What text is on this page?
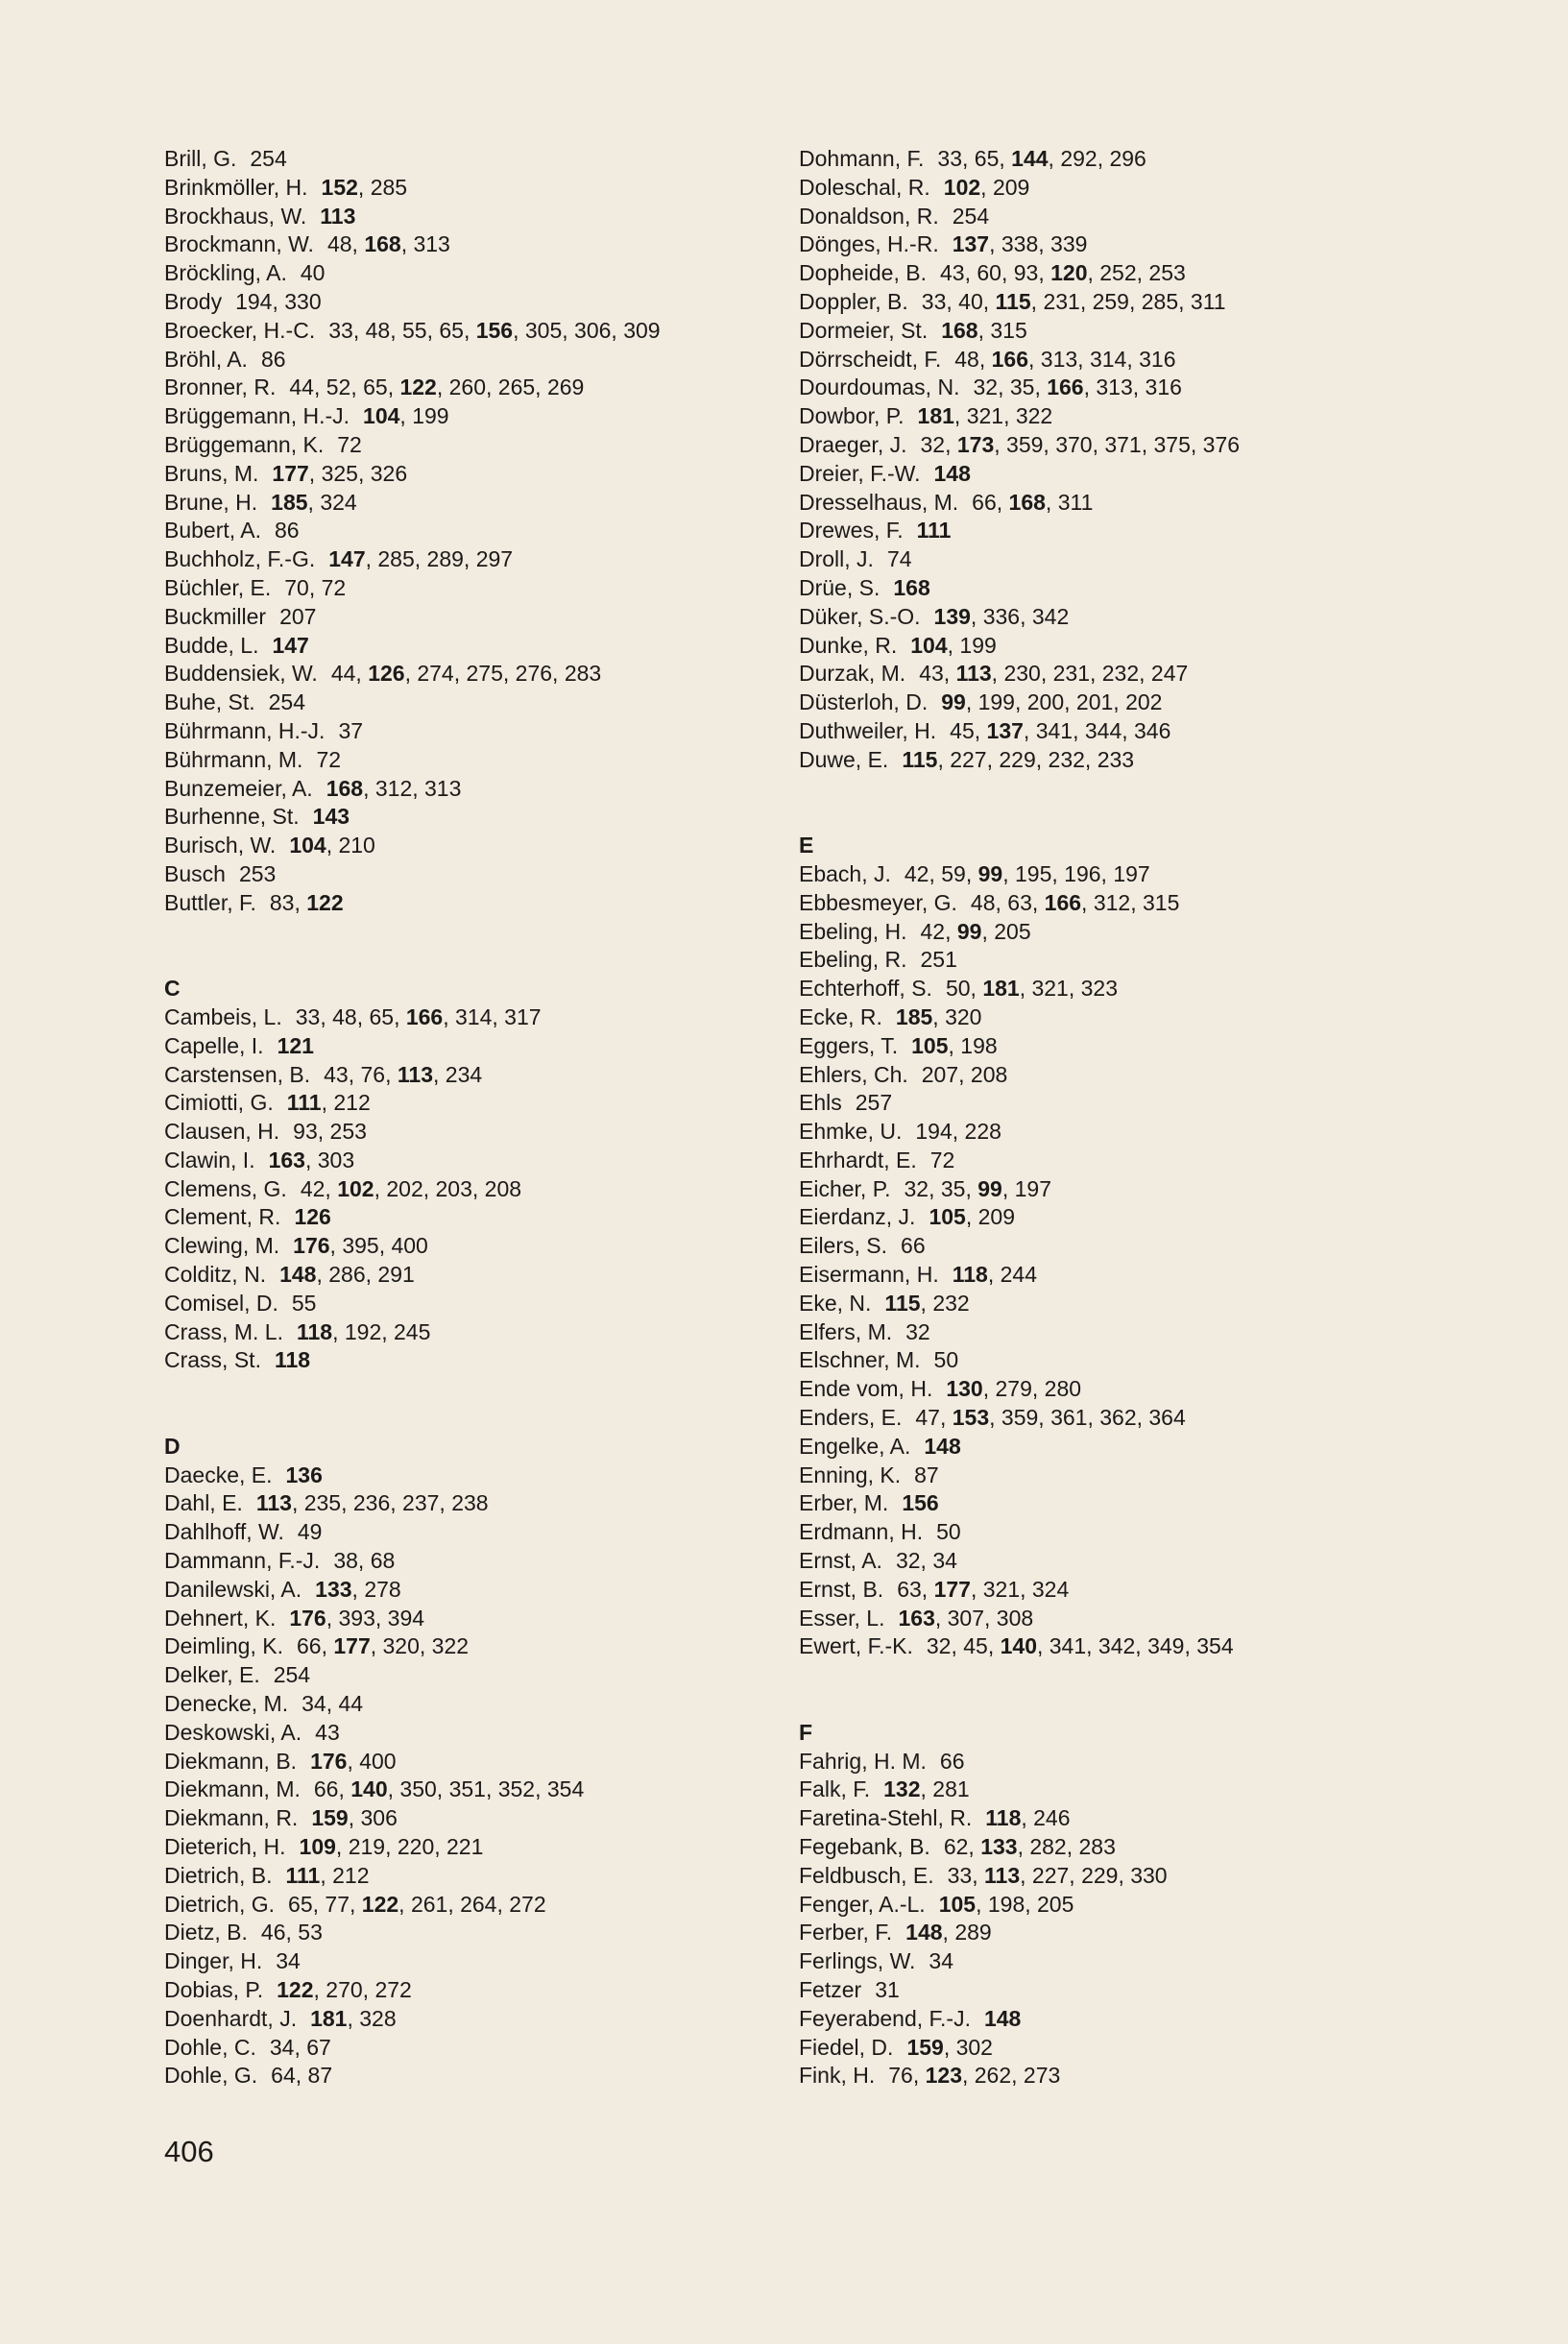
Brill, G. 254
Brinkmöller, H. 152, 285
Brockhaus, W. 113
Brockmann, W. 48, 168, 313
Bröckling, A. 40
Brody 194, 330
Broecker, H.-C. 33, 48, 55, 65, 156, 305, 306, 309
Bröhl, A. 86
Bronner, R. 44, 52, 65, 122, 260, 265, 269
Brüggemann, H.-J. 104, 199
Brüggemann, K. 72
Bruns, M. 177, 325, 326
Brune, H. 185, 324
Bubert, A. 86
Buchholz, F.-G. 147, 285, 289, 297
Büchler, E. 70, 72
Buckmiller 207
Budde, L. 147
Buddensiek, W. 44, 126, 274, 275, 276, 283
Buhe, St. 254
Bührmann, H.-J. 37
Bührmann, M. 72
Bunzemeier, A. 168, 312, 313
Burhenne, St. 143
Burisch, W. 104, 210
Busch 253
Buttler, F. 83, 122
C
Cambeis, L. 33, 48, 65, 166, 314, 317
Capelle, I. 121
Carstensen, B. 43, 76, 113, 234
Cimiotti, G. 111, 212
Clausen, H. 93, 253
Clawin, I. 163, 303
Clemens, G. 42, 102, 202, 203, 208
Clement, R. 126
Clewing, M. 176, 395, 400
Colditz, N. 148, 286, 291
Comisel, D. 55
Crass, M. L. 118, 192, 245
Crass, St. 118
D
Daecke, E. 136
Dahl, E. 113, 235, 236, 237, 238
Dahlhoff, W. 49
Dammann, F.-J. 38, 68
Danilewski, A. 133, 278
Dehnert, K. 176, 393, 394
Deimling, K. 66, 177, 320, 322
Delker, E. 254
Denecke, M. 34, 44
Deskowski, A. 43
Diekmann, B. 176, 400
Diekmann, M. 66, 140, 350, 351, 352, 354
Diekmann, R. 159, 306
Dieterich, H. 109, 219, 220, 221
Dietrich, B. 111, 212
Dietrich, G. 65, 77, 122, 261, 264, 272
Dietz, B. 46, 53
Dinger, H. 34
Dobias, P. 122, 270, 272
Doenhardt, J. 181, 328
Dohle, C. 34, 67
Dohle, G. 64, 87
Dohmann, F. 33, 65, 144, 292, 296
Doleschal, R. 102, 209
Donaldson, R. 254
Dönges, H.-R. 137, 338, 339
Dopheide, B. 43, 60, 93, 120, 252, 253
Doppler, B. 33, 40, 115, 231, 259, 285, 311
Dormeier, St. 168, 315
Dörrscheidt, F. 48, 166, 313, 314, 316
Dourdoumas, N. 32, 35, 166, 313, 316
Dowbor, P. 181, 321, 322
Draeger, J. 32, 173, 359, 370, 371, 375, 376
Dreier, F.-W. 148
Dresselhaus, M. 66, 168, 311
Drewes, F. 111
Droll, J. 74
Drüe, S. 168
Düker, S.-O. 139, 336, 342
Dunke, R. 104, 199
Durzak, M. 43, 113, 230, 231, 232, 247
Düsterloh, D. 99, 199, 200, 201, 202
Duthweiler, H. 45, 137, 341, 344, 346
Duwe, E. 115, 227, 229, 232, 233
E
Ebach, J. 42, 59, 99, 195, 196, 197
Ebbesmeyer, G. 48, 63, 166, 312, 315
Ebeling, H. 42, 99, 205
Ebeling, R. 251
Echterhoff, S. 50, 181, 321, 323
Ecke, R. 185, 320
Eggers, T. 105, 198
Ehlers, Ch. 207, 208
Ehls 257
Ehmke, U. 194, 228
Ehrhardt, E. 72
Eicher, P. 32, 35, 99, 197
Eierdanz, J. 105, 209
Eilers, S. 66
Eisermann, H. 118, 244
Eke, N. 115, 232
Elfers, M. 32
Elschner, M. 50
Ende vom, H. 130, 279, 280
Enders, E. 47, 153, 359, 361, 362, 364
Engelke, A. 148
Enning, K. 87
Erber, M. 156
Erdmann, H. 50
Ernst, A. 32, 34
Ernst, B. 63, 177, 321, 324
Esser, L. 163, 307, 308
Ewert, F.-K. 32, 45, 140, 341, 342, 349, 354
F
Fahrig, H. M. 66
Falk, F. 132, 281
Faretina-Stehl, R. 118, 246
Fegebank, B. 62, 133, 282, 283
Feldbusch, E. 33, 113, 227, 229, 330
Fenger, A.-L. 105, 198, 205
Ferber, F. 148, 289
Ferlings, W. 34
Fetzer 31
Feyerabend, F.-J. 148
Fiedel, D. 159, 302
Fink, H. 76, 123, 262, 273
406
